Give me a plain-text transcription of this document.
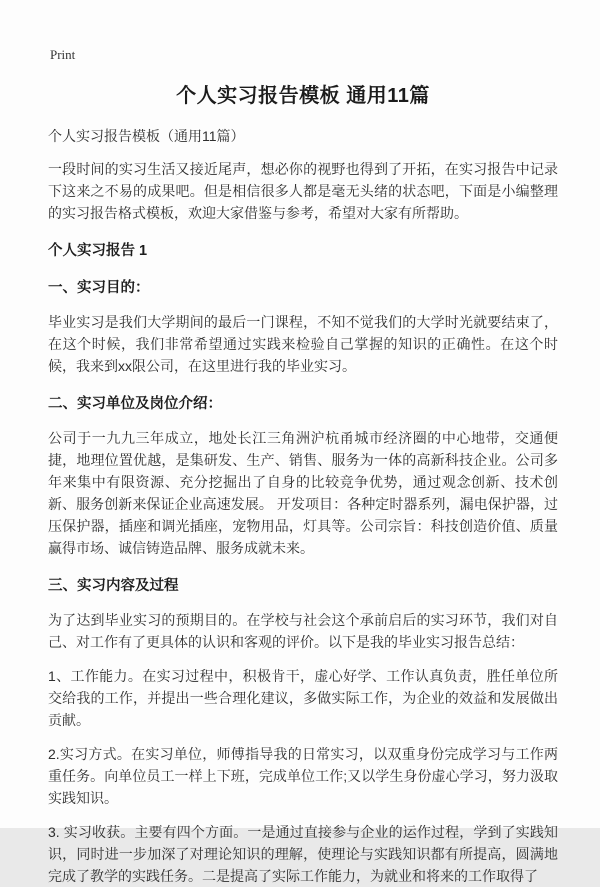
Print
个人实习报告模板 通用11篇
个人实习报告模板（通用11篇）

一段时间的实习生活又接近尾声，想必你的视野也得到了开拓，在实习报告中记录下这来之不易的成果吧。但是相信很多人都是毫无头绪的状态吧，下面是小编整理的实习报告格式模板，欢迎大家借鉴与参考，希望对大家有所帮助。

个人实习报告 1
一、实习目的：

毕业实习是我们大学期间的最后一门课程，不知不觉我们的大学时光就要结束了，在这个时候，我们非常希望通过实践来检验自己掌握的知识的正确性。在这个时候，我来到xx限公司，在这里进行我的毕业实习。

二、实习单位及岗位介绍：

公司于一九九三年成立，地处长江三角洲沪杭甬城市经济圈的中心地带，交通便捷，地理位置优越，是集研发、生产、销售、服务为一体的高新科技企业。公司多年来集中有限资源、充分挖掘出了自身的比较竞争优势，通过观念创新、技术创新、服务创新来保证企业高速发展。 开发项目：各种定时器系列，漏电保护器，过压保护器，插座和调光插座，宠物用品，灯具等。公司宗旨：科技创造价值、质量赢得市场、诚信铸造品牌、服务成就未来。

三、实习内容及过程

为了达到毕业实习的预期目的。在学校与社会这个承前启后的实习环节，我们对自己、对工作有了更具体的认识和客观的评价。以下是我的毕业实习报告总结：

1、工作能力。在实习过程中，积极肯干，虚心好学、工作认真负责，胜任单位所交给我的工作，并提出一些合理化建议，多做实际工作，为企业的效益和发展做出贡献。

2.实习方式。在实习单位，师傅指导我的日常实习，以双重身份完成学习与工作两重任务。向单位员工一样上下班，完成单位工作;又以学生身份虚心学习，努力汲取实践知识。

3. 实习收获。主要有四个方面。一是通过直接参与企业的运作过程，学到了实践知识，同时进一步加深了对理论知识的理解，使理论与实践知识都有所提高，圆满地完成了教学的实践任务。二是提高了实际工作能力，为就业和将来的工作取得了
